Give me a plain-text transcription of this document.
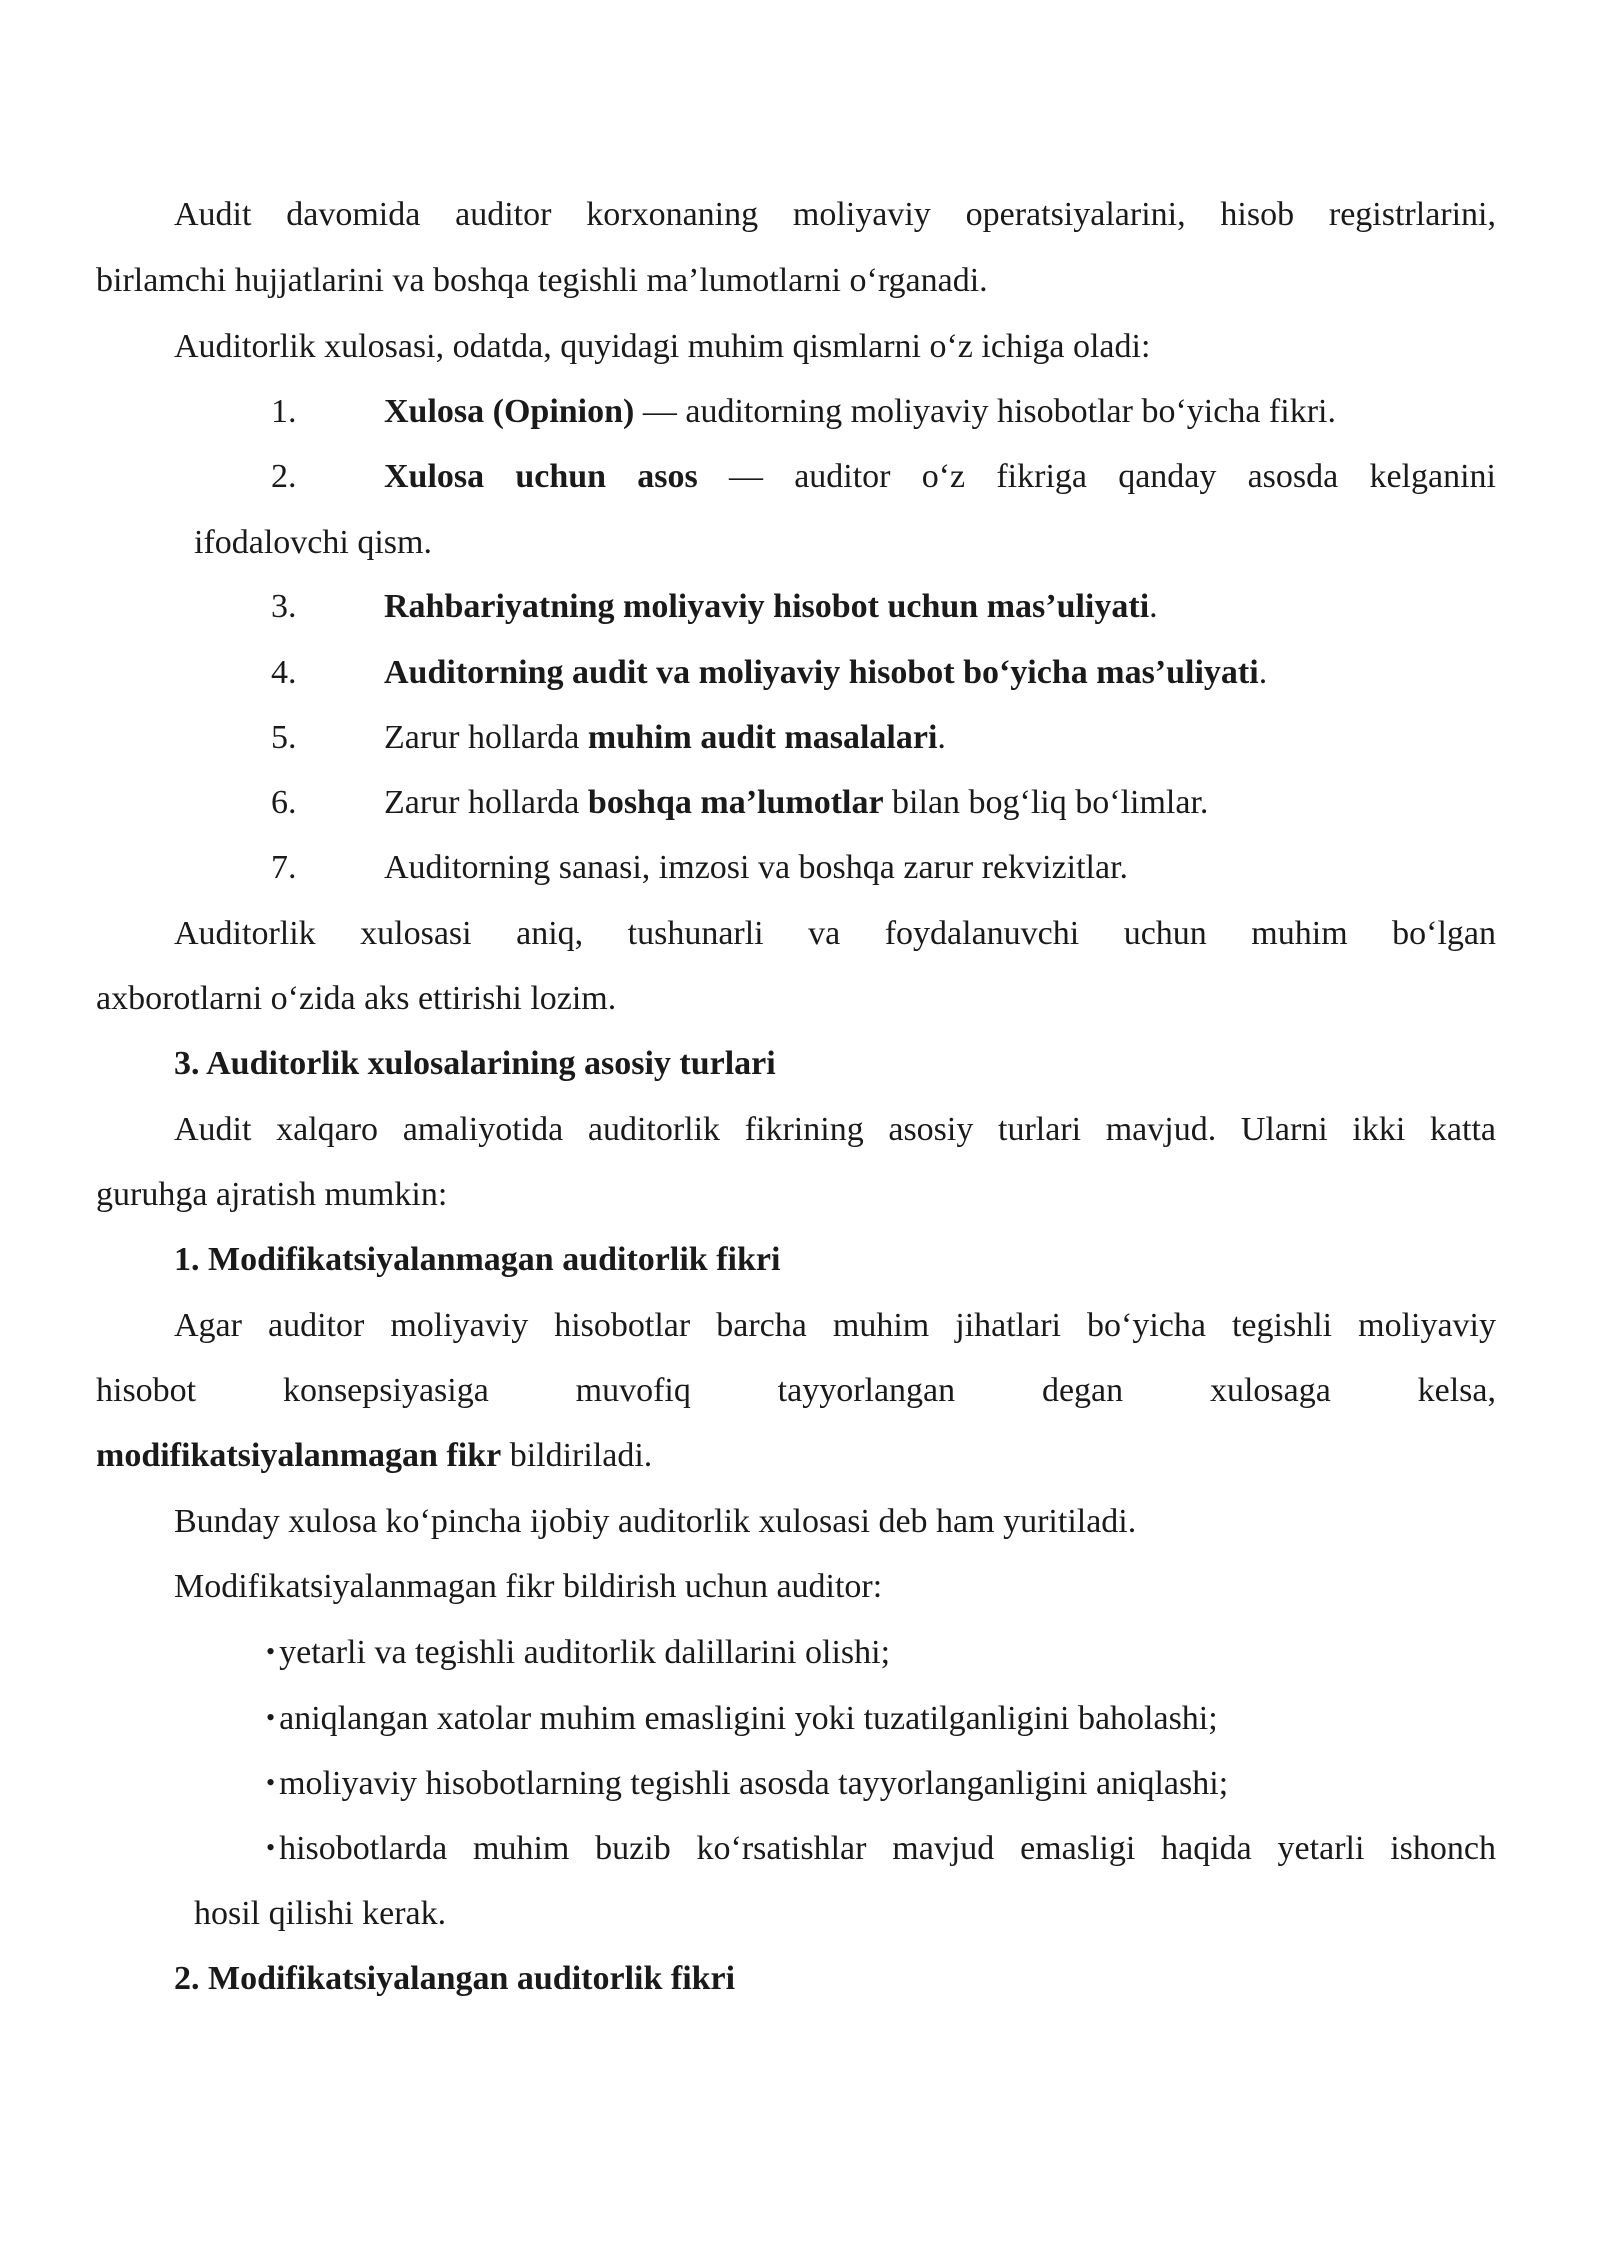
Audit davomida auditor korxonaning moliyaviy operatsiyalarini, hisob registrlarini,
birlamchi hujjatlarini va boshqa tegishli ma’lumotlarni o‘rganadi.
Auditorlik xulosasi, odatda, quyidagi muhim qismlarni o‘z ichiga oladi:
1.	Xulosa (Opinion) — auditorning moliyaviy hisobotlar bo‘yicha fikri.
2.	Xulosa uchun asos — auditor o‘z fikriga qanday asosda kelganini
ifodalovchi qism.
3.	Rahbariyatning moliyaviy hisobot uchun mas’uliyati.
4.	Auditorning audit va moliyaviy hisobot bo‘yicha mas’uliyati.
5.	Zarur hollarda muhim audit masalalari.
6.	Zarur hollarda boshqa ma’lumotlar bilan bog‘liq bo‘limlar.
7.	Auditorning sanasi, imzosi va boshqa zarur rekvizitlar.
Auditorlik xulosasi aniq, tushunarli va foydalanuvchi uchun muhim bo‘lgan
axborotlarni o‘zida aks ettirishi lozim.
3. Auditorlik xulosalarining asosiy turlari
Audit xalqaro amaliyotida auditorlik fikrining asosiy turlari mavjud. Ularni ikki katta
guruhga ajratish mumkin:
1. Modifikatsiyalanmagan auditorlik fikri
Agar auditor moliyaviy hisobotlar barcha muhim jihatlari bo‘yicha tegishli moliyaviy
hisobot konsepsiyasiga muvofiq tayyorlangan degan xulosaga kelsa,
modifikatsiyalanmagan fikr bildiriladi.
Bunday xulosa ko‘pincha ijobiy auditorlik xulosasi deb ham yuritiladi.
Modifikatsiyalanmagan fikr bildirish uchun auditor:
• yetarli va tegishli auditorlik dalillarini olishi;
• aniqlangan xatolar muhim emasligini yoki tuzatilganligini baholashi;
• moliyaviy hisobotlarning tegishli asosda tayyorlanganligini aniqlashi;
• hisobotlarda muhim buzib ko‘rsatishlar mavjud emasligi haqida yetarli ishonch
hosil qilishi kerak.
2. Modifikatsiyalangan auditorlik fikri
